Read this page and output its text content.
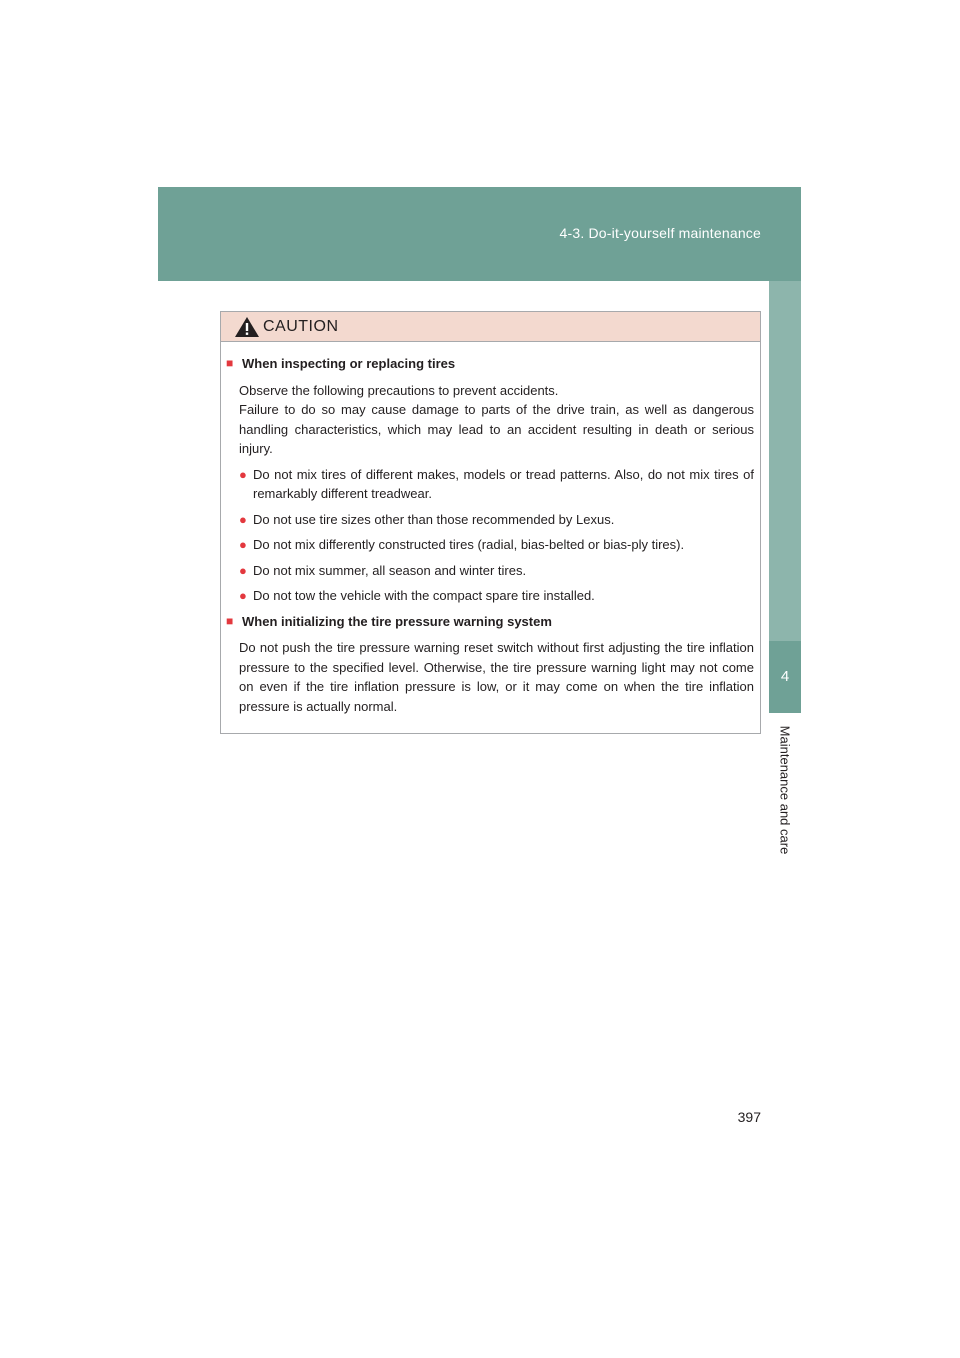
4-3. Do-it-yourself maintenance
4
Maintenance and care
CAUTION
■ When inspecting or replacing tires

Observe the following precautions to prevent accidents.

Failure to do so may cause damage to parts of the drive train, as well as dangerous handling characteristics, which may lead to an accident resulting in death or serious injury.

● Do not mix tires of different makes, models or tread patterns. Also, do not mix tires of remarkably different treadwear.
● Do not use tire sizes other than those recommended by Lexus.
● Do not mix differently constructed tires (radial, bias-belted or bias-ply tires).
● Do not mix summer, all season and winter tires.
● Do not tow the vehicle with the compact spare tire installed.
■ When initializing the tire pressure warning system

Do not push the tire pressure warning reset switch without first adjusting the tire inflation pressure to the specified level. Otherwise, the tire pressure warning light may not come on even if the tire inflation pressure is low, or it may come on when the tire inflation pressure is actually normal.

397
